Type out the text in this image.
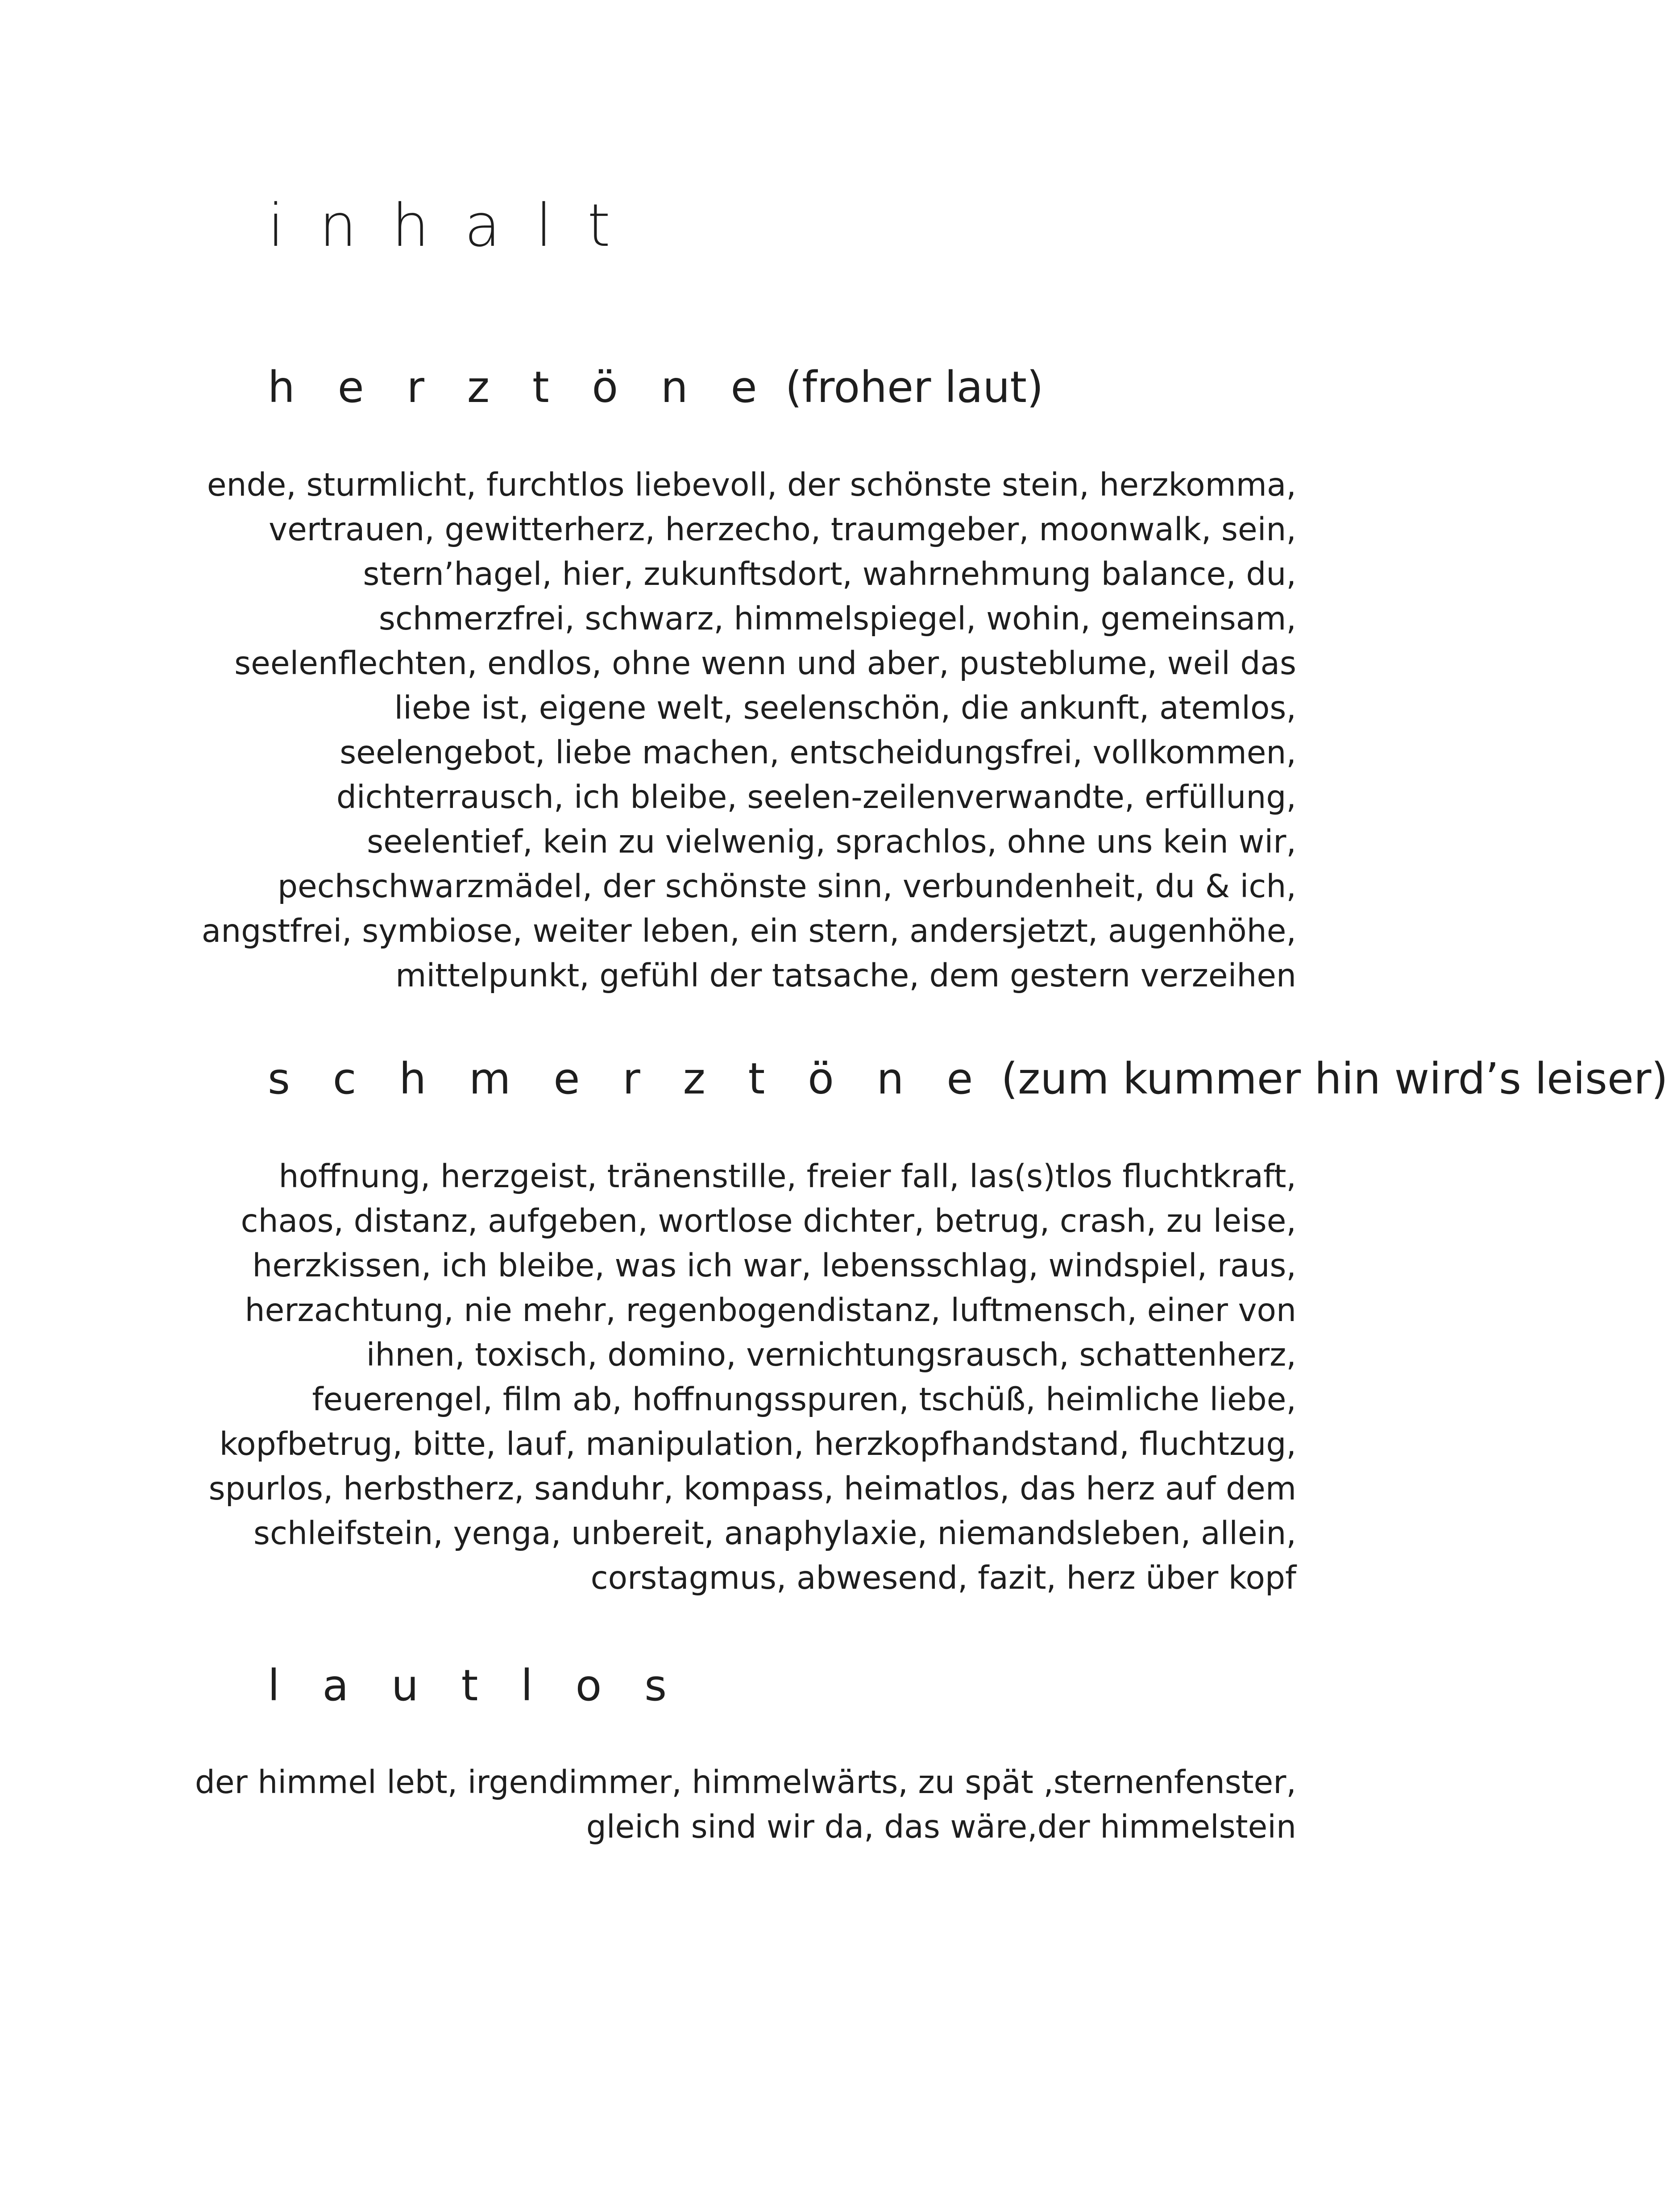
i n h a l t
h e r z t ö n e (froher laut)
ende, sturmlicht, furchtlos liebevoll, der schönste stein, herzkomma,
vertrauen, gewitterherz, herzecho, traumgeber, moonwalk, sein,
stern’hagel, hier, zukunftsdort, wahrnehmung balance, du,
schmerzfrei, schwarz, himmelspiegel, wohin, gemeinsam,
seelenflechten, endlos, ohne wenn und aber, pusteblume, weil das
liebe ist, eigene welt, seelenschön, die ankunft, atemlos,
seelengebot, liebe machen, entscheidungsfrei, vollkommen,
dichterrausch, ich bleibe, seelen-zeilenverwandte, erfüllung,
seelentief, kein zu vielwenig, sprachlos, ohne uns kein wir,
pechschwarzmädel, der schönste sinn, verbundenheit, du & ich,
angstfrei, symbiose, weiter leben, ein stern, andersjetzt, augenhöhe,
mittelpunkt, gefühl der tatsache, dem gestern verzeihen
s c h m e r z t ö n e (zum kummer hin wird’s leiser)
hoffnung, herzgeist, tränenstille, freier fall, las(s)tlos fluchtkraft,
chaos, distanz, aufgeben, wortlose dichter, betrug, crash, zu leise,
herzkissen, ich bleibe, was ich war, lebensschlag, windspiel, raus,
herzachtung, nie mehr, regenbogendistanz, luftmensch, einer von
ihnen, toxisch, domino, vernichtungsrausch, schattenherz,
feuerengel, film ab, hoffnungsspuren, tschüß, heimliche liebe,
kopfbetrug, bitte, lauf, manipulation, herzkopfhandstand, fluchtzug,
spurlos, herbstherz, sanduhr, kompass, heimatlos, das herz auf dem
schleifstein, yenga, unbereit, anaphylaxie, niemandsleben, allein,
corstagmus, abwesend, fazit, herz über kopf
l a u t l o s
der himmel lebt, irgendimmer, himmelwärts, zu spät ,sternenfenster,
gleich sind wir da, das wäre,der himmelstein
